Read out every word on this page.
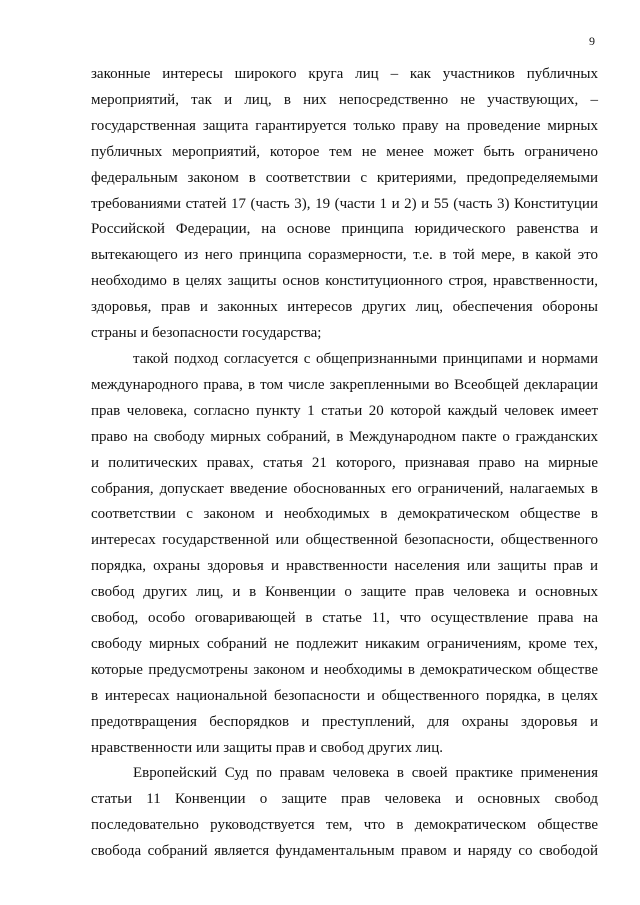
9

законные интересы широкого круга лиц – как участников публичных
мероприятий, так и лиц, в них непосредственно не участвующих, –
государственная защита гарантируется только праву на проведение мирных
публичных мероприятий, которое тем не менее может быть ограничено
федеральным законом в соответствии с критериями, предопределяемыми
требованиями статей 17 (часть 3), 19 (части 1 и 2) и 55 (часть 3) Конституции
Российской Федерации, на основе принципа юридического равенства и
вытекающего из него принципа соразмерности, т.е. в той мере, в какой это
необходимо в целях защиты основ конституционного строя, нравственности,
здоровья, прав и законных интересов других лиц, обеспечения обороны
страны и безопасности государства;

такой подход согласуется с общепризнанными принципами и нормами
международного права, в том числе закрепленными во Всеобщей декларации
прав человека, согласно пункту 1 статьи 20 которой каждый человек имеет
право на свободу мирных собраний, в Международном пакте о гражданских
и политических правах, статья 21 которого, признавая право на мирные
собрания, допускает введение обоснованных его ограничений, налагаемых в
соответствии с законом и необходимых в демократическом обществе в
интересах государственной или общественной безопасности, общественного
порядка, охраны здоровья и нравственности населения или защиты прав и
свобод других лиц, и в Конвенции о защите прав человека и основных
свобод, особо оговаривающей в статье 11, что осуществление права на
свободу мирных собраний не подлежит никаким ограничениям, кроме тех,
которые предусмотрены законом и необходимы в демократическом обществе
в интересах национальной безопасности и общественного порядка, в целях
предотвращения беспорядков и преступлений, для охраны здоровья и
нравственности или защиты прав и свобод других лиц.

Европейский Суд по правам человека в своей практике применения
статьи 11 Конвенции о защите прав человека и основных свобод
последовательно руководствуется тем, что в демократическом обществе
свобода собраний является фундаментальным правом и наряду со свободой
